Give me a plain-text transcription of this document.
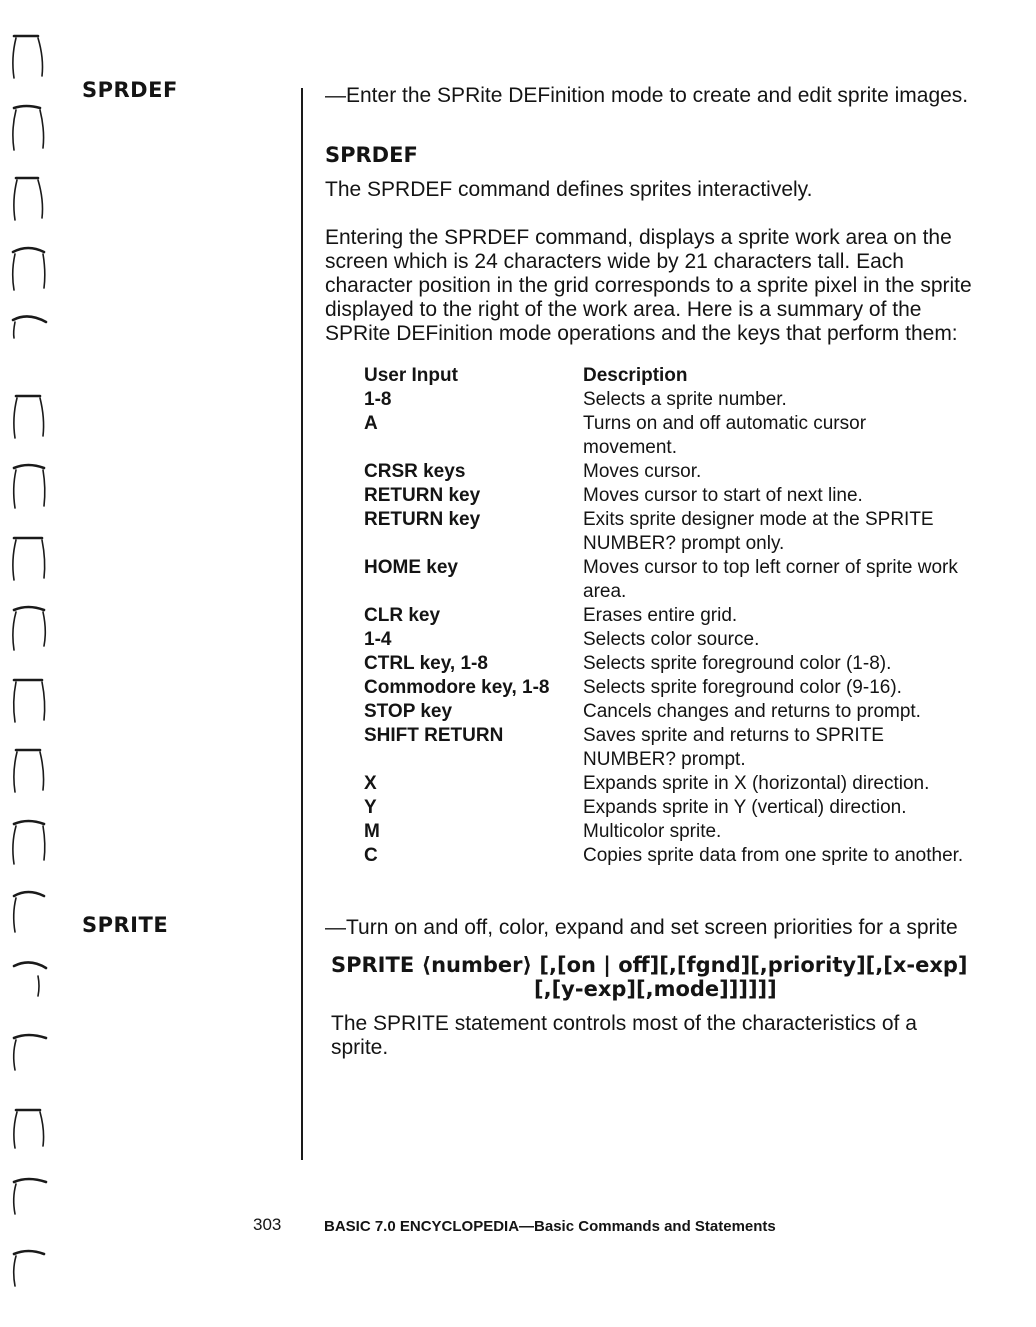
SPRDEF
SPRITE

—Enter the SPRite DEFinition mode to create and edit sprite images.

SPRDEF

The SPRDEF command defines sprites interactively.

Entering the SPRDEF command, displays a sprite work area on the screen which is 24 characters wide by 21 characters tall. Each character position in the grid corresponds to a sprite pixel in the sprite displayed to the right of the work area. Here is a summary of the SPRite DEFinition mode operations and the keys that perform them:

User Input	Description
1-8	Selects a sprite number.
A	Turns on and off automatic cursor movement.
CRSR keys	Moves cursor.
RETURN key	Moves cursor to start of next line.
RETURN key	Exits sprite designer mode at the SPRITE NUMBER? prompt only.
HOME key	Moves cursor to top left corner of sprite work area.
CLR key	Erases entire grid.
1-4	Selects color source.
CTRL key, 1-8	Selects sprite foreground color (1-8).
Commodore key, 1-8	Selects sprite foreground color (9-16).
STOP key	Cancels changes and returns to prompt.
SHIFT RETURN	Saves sprite and returns to SPRITE NUMBER? prompt.
X	Expands sprite in X (horizontal) direction.
Y	Expands sprite in Y (vertical) direction.
M	Multicolor sprite.
C	Copies sprite data from one sprite to another.

—Turn on and off, color, expand and set screen priorities for a sprite

SPRITE ⟨number⟩ [,[on | off][,[fgnd][,priority][,[x-exp]
[,[y-exp][,mode]]]]]]

The SPRITE statement controls most of the characteristics of a sprite.

303	BASIC 7.0 ENCYCLOPEDIA—Basic Commands and Statements
